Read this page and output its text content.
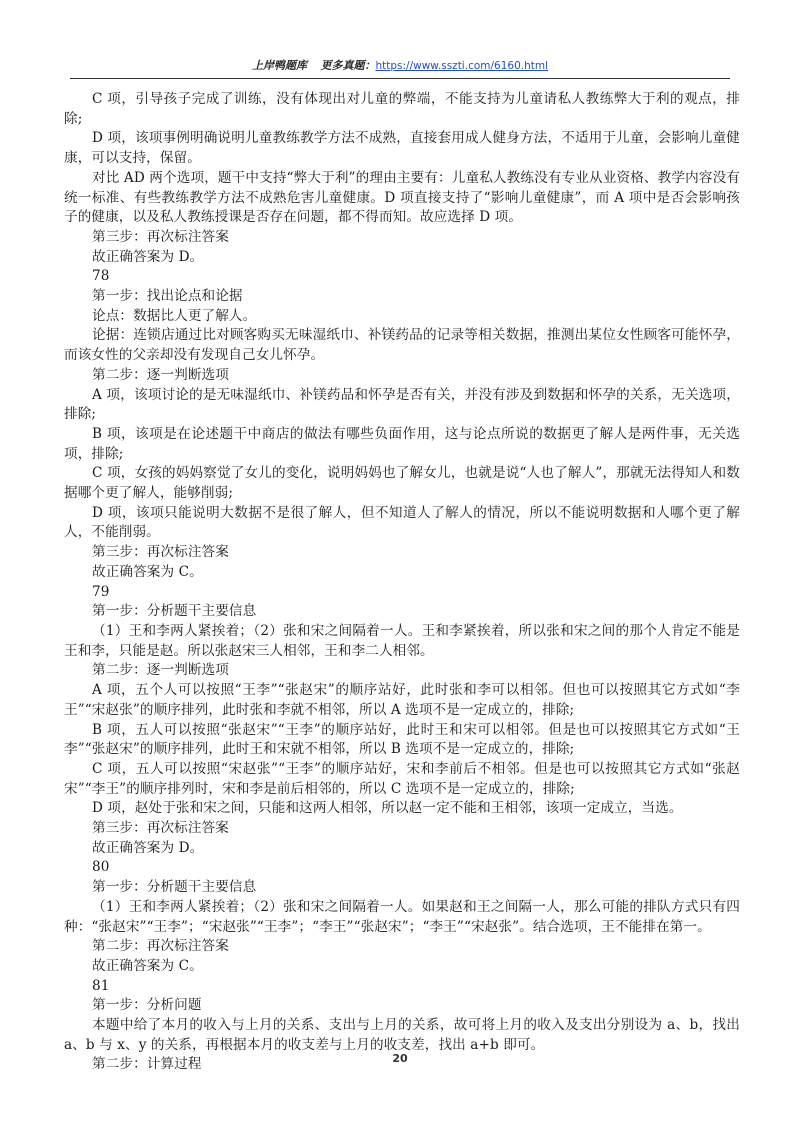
上岸鸭题库 更多真题：https://www.sszti.com/6160.html

C 项，引导孩子完成了训练，没有体现出对儿童的弊端，不能支持为儿童请私人教练弊大于利的观点，排除;

D 项，该项事例明确说明儿童教练教学方法不成熟，直接套用成人健身方法，不适用于儿童，会影响儿童健康，可以支持，保留。

对比 AD 两个选项，题干中支持“弊大于利”的理由主要有：儿童私人教练没有专业从业资格、教学内容没有统一标准、有些教练教学方法不成熟危害儿童健康。D 项直接支持了“影响儿童健康”，而 A 项中是否会影响孩子的健康，以及私人教练授课是否存在问题，都不得而知。故应选择 D 项。

第三步：再次标注答案

故正确答案为 D。

78

第一步：找出论点和论据

论点：数据比人更了解人。

论据：连锁店通过比对顾客购买无味湿纸巾、补镁药品的记录等相关数据，推测出某位女性顾客可能怀孕，而该女性的父亲却没有发现自己女儿怀孕。

第二步：逐一判断选项

A 项，该项讨论的是无味湿纸巾、补镁药品和怀孕是否有关，并没有涉及到数据和怀孕的关系，无关选项，排除;

B 项，该项是在论述题干中商店的做法有哪些负面作用，这与论点所说的数据更了解人是两件事，无关选项，排除;

C 项，女孩的妈妈察觉了女儿的变化，说明妈妈也了解女儿，也就是说“人也了解人”，那就无法得知人和数据哪个更了解人，能够削弱;

D 项，该项只能说明大数据不是很了解人，但不知道人了解人的情况，所以不能说明数据和人哪个更了解人，不能削弱。

第三步：再次标注答案

故正确答案为 C。

79

第一步：分析题干主要信息

（1）王和李两人紧挨着；（2）张和宋之间隔着一人。王和李紧挨着，所以张和宋之间的那个人肯定不能是王和李，只能是赵。所以张赵宋三人相邻，王和李二人相邻。

第二步：逐一判断选项

A 项，五个人可以按照“王李”“张赵宋”的顺序站好，此时张和李可以相邻。但也可以按照其它方式如“李王”“宋赵张”的顺序排列，此时张和李就不相邻，所以 A 选项不是一定成立的，排除;

B 项，五人可以按照“张赵宋”“王李”的顺序站好，此时王和宋可以相邻。但是也可以按照其它方式如“王李”“张赵宋”的顺序排列，此时王和宋就不相邻，所以 B 选项不是一定成立的，排除;

C 项，五人可以按照“宋赵张”“王李”的顺序站好，宋和李前后不相邻。但是也可以按照其它方式如“张赵宋”“李王”的顺序排列时，宋和李是前后相邻的，所以 C 选项不是一定成立的，排除;

D 项，赵处于张和宋之间，只能和这两人相邻，所以赵一定不能和王相邻，该项一定成立，当选。

第三步：再次标注答案

故正确答案为 D。

80

第一步：分析题干主要信息

（1）王和李两人紧挨着；（2）张和宋之间隔着一人。如果赵和王之间隔一人，那么可能的排队方式只有四种：“张赵宋”“王李”；“宋赵张”“王李”；“李王”“张赵宋”；“李王”“宋赵张”。结合选项，王不能排在第一。

第二步：再次标注答案

故正确答案为 C。

81

第一步：分析问题

本题中给了本月的收入与上月的关系、支出与上月的关系，故可将上月的收入及支出分别设为 a、b，找出 a、b 与 x、y 的关系，再根据本月的收支差与上月的收支差，找出 a+b 即可。

第二步：计算过程	20
